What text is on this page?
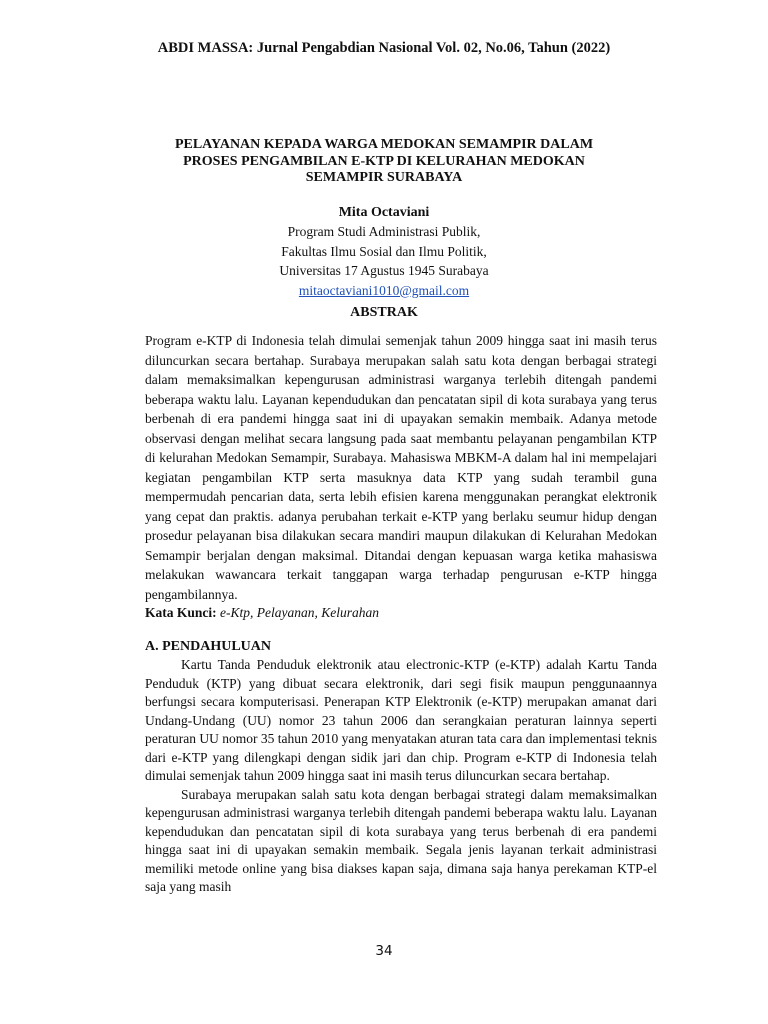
ABDI MASSA: Jurnal Pengabdian Nasional Vol. 02, No.06, Tahun (2022)
PELAYANAN KEPADA WARGA MEDOKAN SEMAMPIR DALAM
PROSES PENGAMBILAN E-KTP DI KELURAHAN MEDOKAN
SEMAMPIR SURABAYA
Mita Octaviani
Program Studi Administrasi Publik,
Fakultas Ilmu Sosial dan Ilmu Politik,
Universitas 17 Agustus 1945 Surabaya
mitaoctaviani1010@gmail.com
ABSTRAK

Program e-KTP di Indonesia telah dimulai semenjak tahun 2009 hingga saat ini masih terus diluncurkan secara bertahap. Surabaya merupakan salah satu kota dengan berbagai strategi dalam memaksimalkan kepengurusan administrasi warganya terlebih ditengah pandemi beberapa waktu lalu. Layanan kependudukan dan pencatatan sipil di kota surabaya yang terus berbenah di era pandemi hingga saat ini di upayakan semakin membaik. Adanya metode observasi dengan melihat secara langsung pada saat membantu pelayanan pengambilan KTP di kelurahan Medokan Semampir, Surabaya. Mahasiswa MBKM-A dalam hal ini mempelajari kegiatan pengambilan KTP serta masuknya data KTP yang sudah terambil guna mempermudah pencarian data, serta lebih efisien karena menggunakan perangkat elektronik yang cepat dan praktis. adanya perubahan terkait e-KTP yang berlaku seumur hidup dengan prosedur pelayanan bisa dilakukan secara mandiri maupun dilakukan di Kelurahan Medokan Semampir berjalan dengan maksimal. Ditandai dengan kepuasan warga ketika mahasiswa melakukan wawancara terkait tanggapan warga terhadap pengurusan e-KTP hingga pengambilannya.

Kata Kunci: e-Ktp, Pelayanan, Kelurahan
A. PENDAHULUAN

Kartu Tanda Penduduk elektronik atau electronic-KTP (e-KTP) adalah Kartu Tanda Penduduk (KTP) yang dibuat secara elektronik, dari segi fisik maupun penggunaannya berfungsi secara komputerisasi. Penerapan KTP Elektronik (e-KTP) merupakan amanat dari Undang-Undang (UU) nomor 23 tahun 2006 dan serangkaian peraturan lainnya seperti peraturan UU nomor 35 tahun 2010 yang menyatakan aturan tata cara dan implementasi teknis dari e-KTP yang dilengkapi dengan sidik jari dan chip. Program e-KTP di Indonesia telah dimulai semenjak tahun 2009 hingga saat ini masih terus diluncurkan secara bertahap.

Surabaya merupakan salah satu kota dengan berbagai strategi dalam memaksimalkan kepengurusan administrasi warganya terlebih ditengah pandemi beberapa waktu lalu. Layanan kependudukan dan pencatatan sipil di kota surabaya yang terus berbenah di era pandemi hingga saat ini di upayakan semakin membaik. Segala jenis layanan terkait administrasi memiliki metode online yang bisa diakses kapan saja, dimana saja hanya perekaman KTP-el saja yang masih

34
